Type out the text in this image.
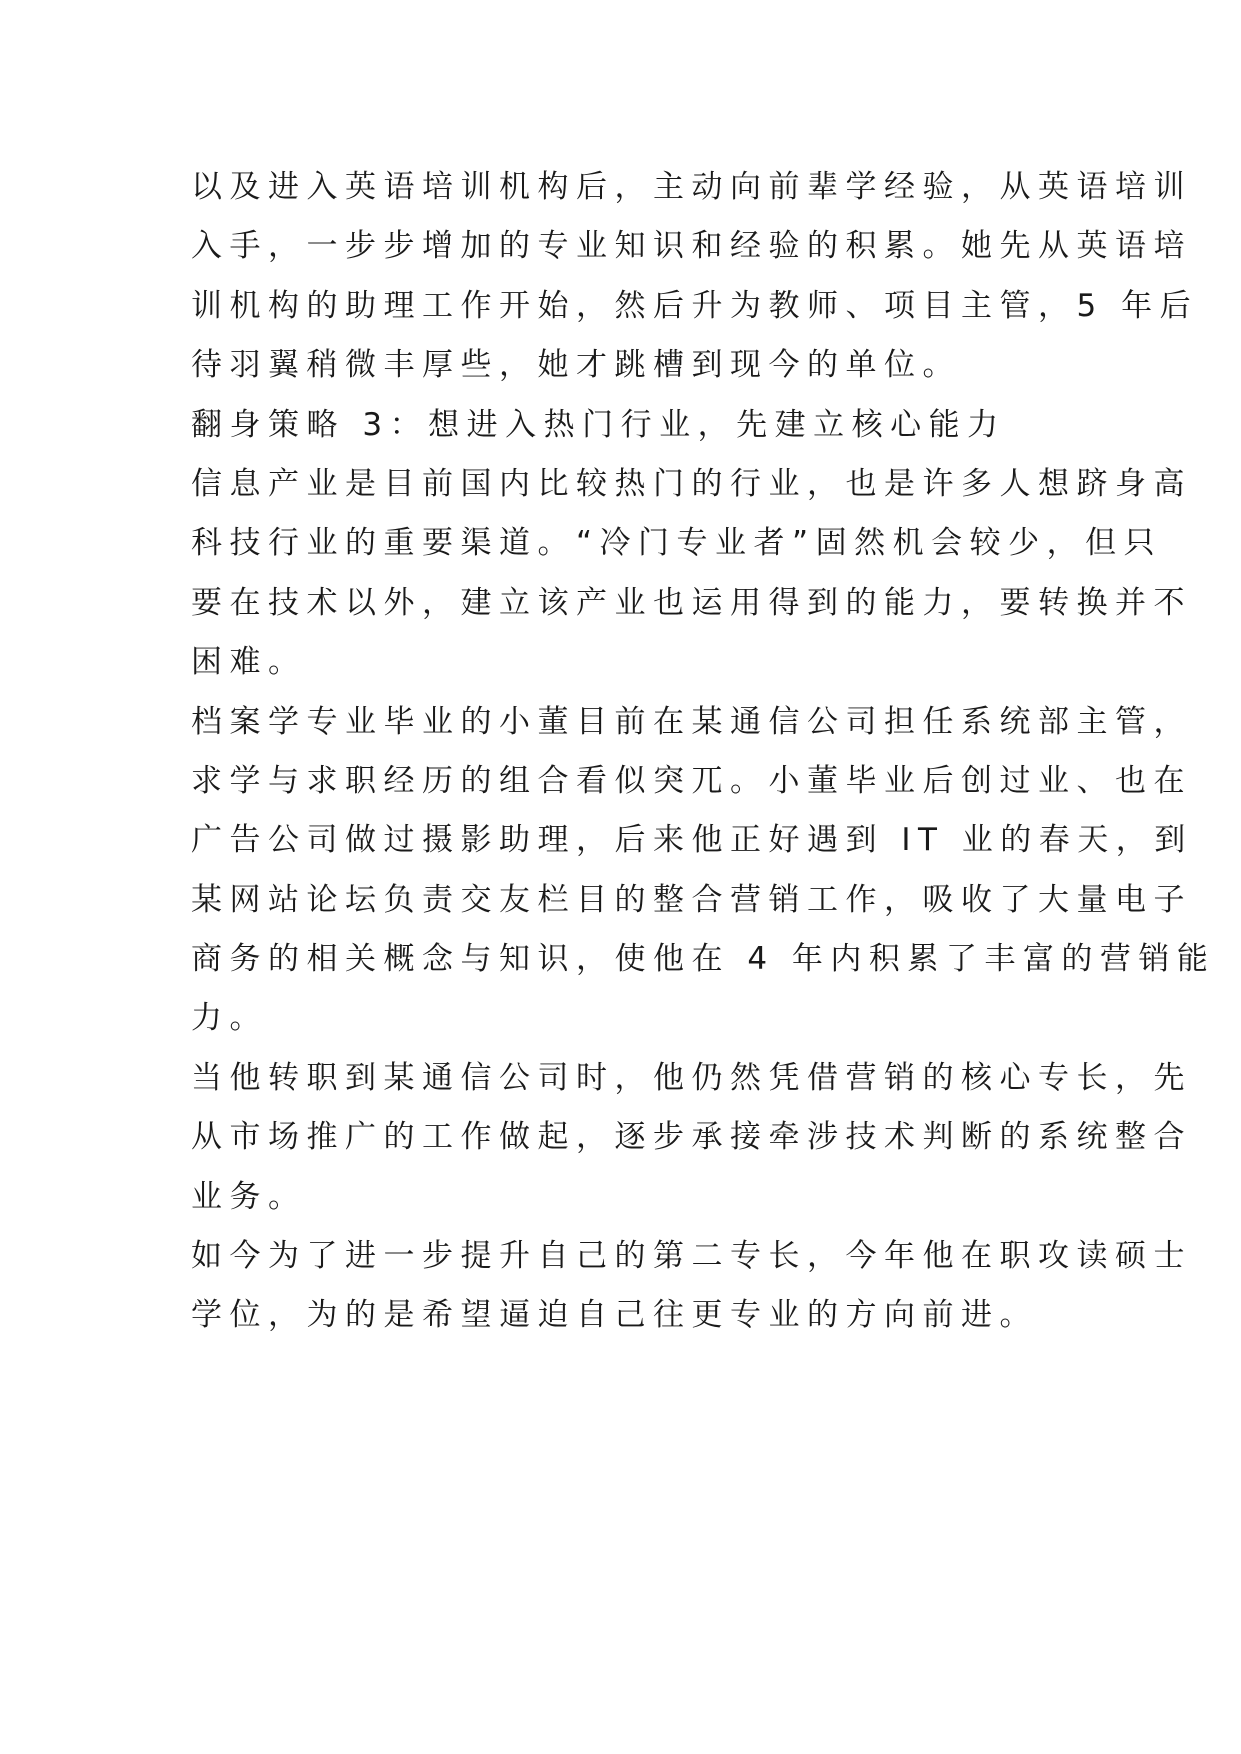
以及进入英语培训机构后，主动向前辈学经验，从英语培训
入手，一步步增加的专业知识和经验的积累。她先从英语培
训机构的助理工作开始，然后升为教师、项目主管，5 年后
待羽翼稍微丰厚些，她才跳槽到现今的单位。
翻身策略 3：想进入热门行业，先建立核心能力
信息产业是目前国内比较热门的行业，也是许多人想跻身高
科技行业的重要渠道。“冷门专业者”固然机会较少，但只
要在技术以外，建立该产业也运用得到的能力，要转换并不
困难。
档案学专业毕业的小董目前在某通信公司担任系统部主管，
求学与求职经历的组合看似突兀。小董毕业后创过业、也在
广告公司做过摄影助理，后来他正好遇到 IT 业的春天，到
某网站论坛负责交友栏目的整合营销工作，吸收了大量电子
商务的相关概念与知识，使他在 4 年内积累了丰富的营销能
力。
当他转职到某通信公司时，他仍然凭借营销的核心专长，先
从市场推广的工作做起，逐步承接牵涉技术判断的系统整合
业务。
如今为了进一步提升自己的第二专长，今年他在职攻读硕士
学位，为的是希望逼迫自己往更专业的方向前进。
